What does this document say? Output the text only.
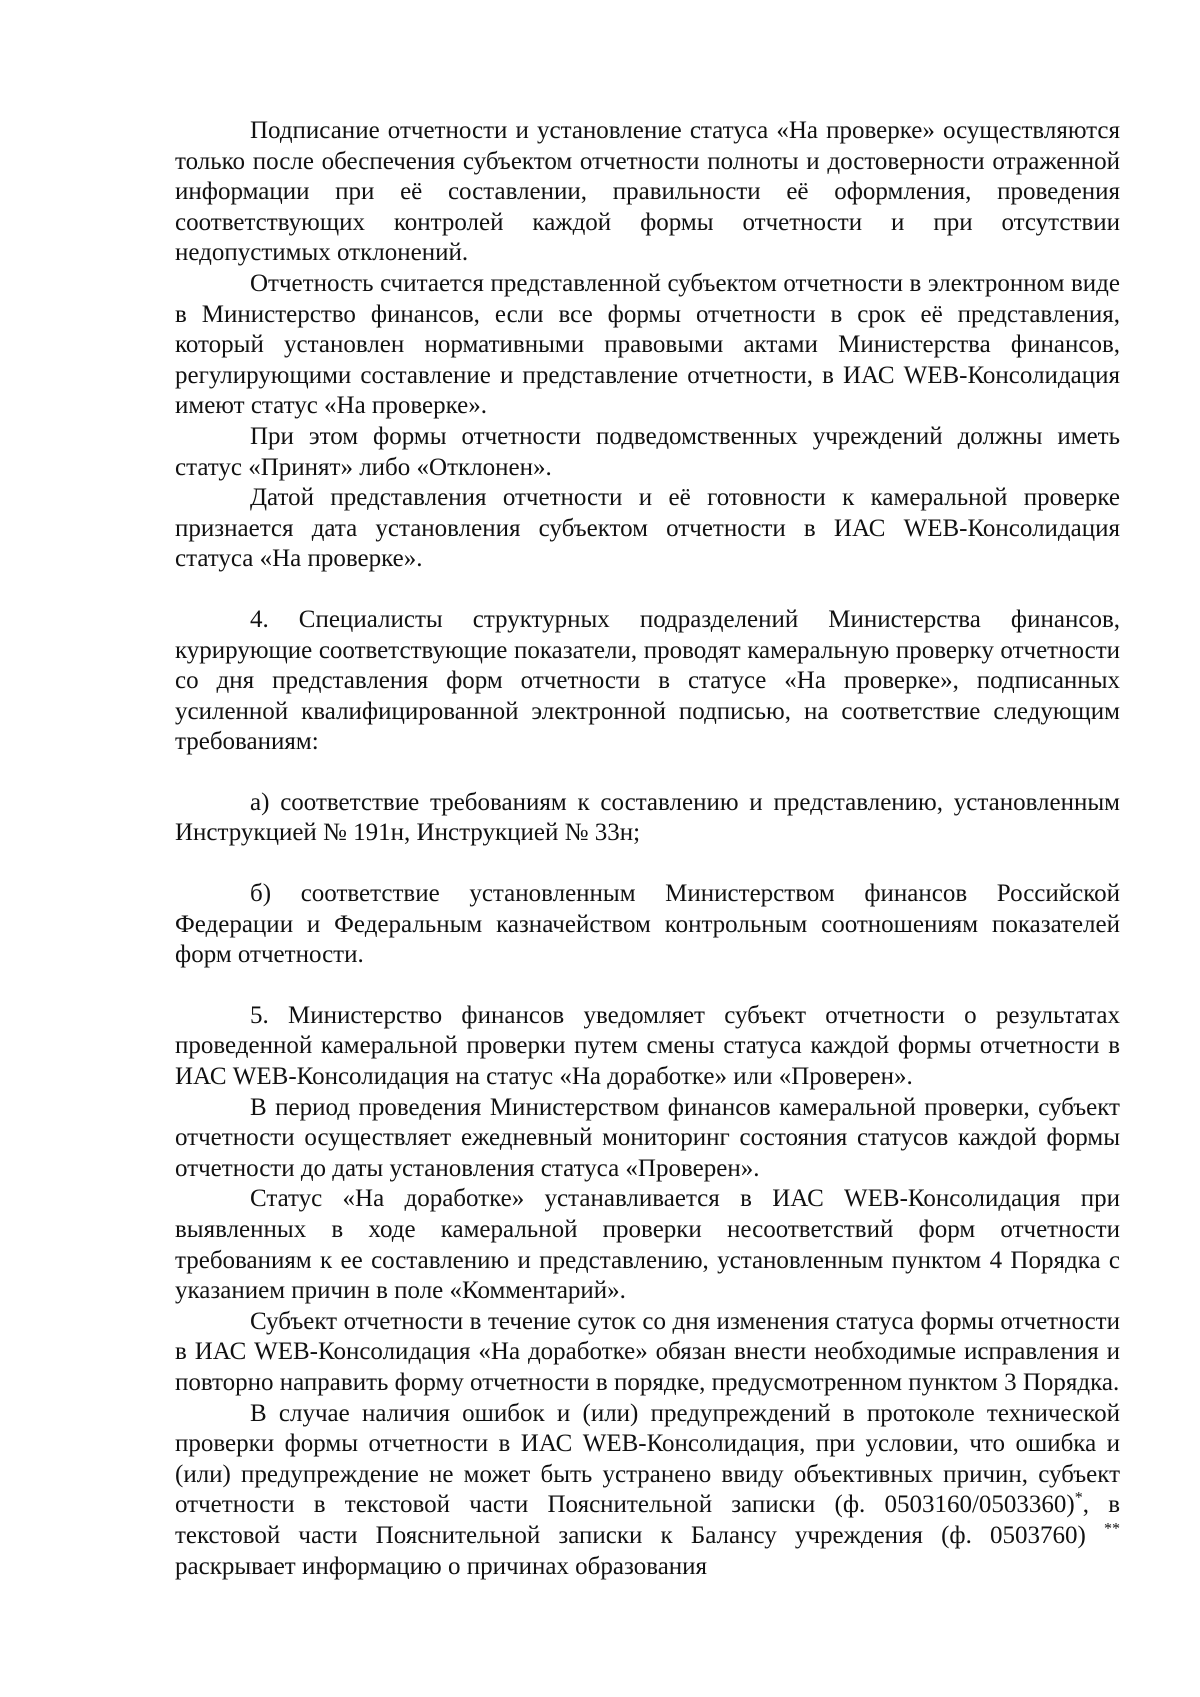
Подписание отчетности и установление статуса «На проверке» осуществляются только после обеспечения субъектом отчетности полноты и достоверности отраженной информации при её составлении, правильности её оформления, проведения соответствующих контролей каждой формы отчетности и при отсутствии недопустимых отклонений.

Отчетность считается представленной субъектом отчетности в электронном виде в Министерство финансов, если все формы отчетности в срок её представления, который установлен нормативными правовыми актами Министерства финансов, регулирующими составление и представление отчетности, в ИАС WEB-Консолидация имеют статус «На проверке».

При этом формы отчетности подведомственных учреждений должны иметь статус «Принят» либо «Отклонен».

Датой представления отчетности и её готовности к камеральной проверке признается дата установления субъектом отчетности в ИАС WEB-Консолидация статуса «На проверке».

4. Специалисты структурных подразделений Министерства финансов, курирующие соответствующие показатели, проводят камеральную проверку отчетности со дня представления форм отчетности в статусе «На проверке», подписанных усиленной квалифицированной электронной подписью, на соответствие следующим требованиям:

а) соответствие требованиям к составлению и представлению, установленным Инструкцией № 191н, Инструкцией № 33н;

б) соответствие установленным Министерством финансов Российской Федерации и Федеральным казначейством контрольным соотношениям показателей форм отчетности.

5. Министерство финансов уведомляет субъект отчетности о результатах проведенной камеральной проверки путем смены статуса каждой формы отчетности в ИАС WEB-Консолидация на статус «На доработке» или «Проверен».

В период проведения Министерством финансов камеральной проверки, субъект отчетности осуществляет ежедневный мониторинг состояния статусов каждой формы отчетности до даты установления статуса «Проверен».

Статус «На доработке» устанавливается в ИАС WEB-Консолидация при выявленных в ходе камеральной проверки несоответствий форм отчетности требованиям к ее составлению и представлению, установленным пунктом 4 Порядка с указанием причин в поле «Комментарий».

Субъект отчетности в течение суток со дня изменения статуса формы отчетности в ИАС WEB-Консолидация «На доработке» обязан внести необходимые исправления и повторно направить форму отчетности в порядке, предусмотренном пунктом 3 Порядка.

В случае наличия ошибок и (или) предупреждений в протоколе технической проверки формы отчетности в ИАС WEB-Консолидация, при условии, что ошибка и (или) предупреждение не может быть устранено ввиду объективных причин, субъект отчетности в текстовой части Пояснительной записки (ф. 0503160/0503360)*, в текстовой части Пояснительной записки к Балансу учреждения (ф. 0503760) ** раскрывает информацию о причинах образования
